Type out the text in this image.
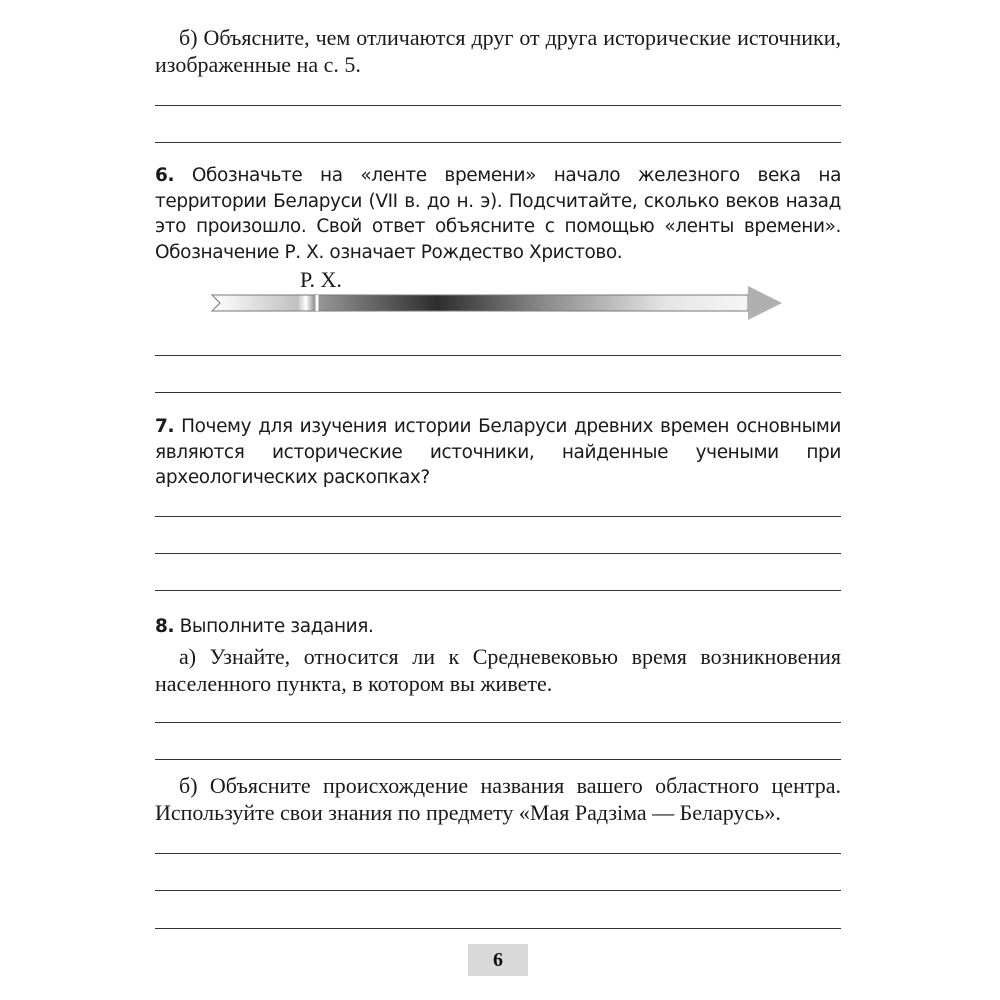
б) Объясните, чем отличаются друг от друга исторические источники, изображенные на с. 5.

6. Обозначьте на «ленте времени» начало железного века на территории Беларуси (VII в. до н. э). Подсчитайте, сколько веков назад это произошло. Свой ответ объясните с помощью «ленты времени». Обозначение Р. Х. означает Рождество Христово.

Р. Х.

7. Почему для изучения истории Беларуси древних времен основными являются исторические источники, найденные учеными при археологических раскопках?

8. Выполните задания.

а) Узнайте, относится ли к Средневековью время возникновения населенного пункта, в котором вы живете.

б) Объясните происхождение названия вашего областного центра. Используйте свои знания по предмету «Мая Радзіма — Беларусь».

6
